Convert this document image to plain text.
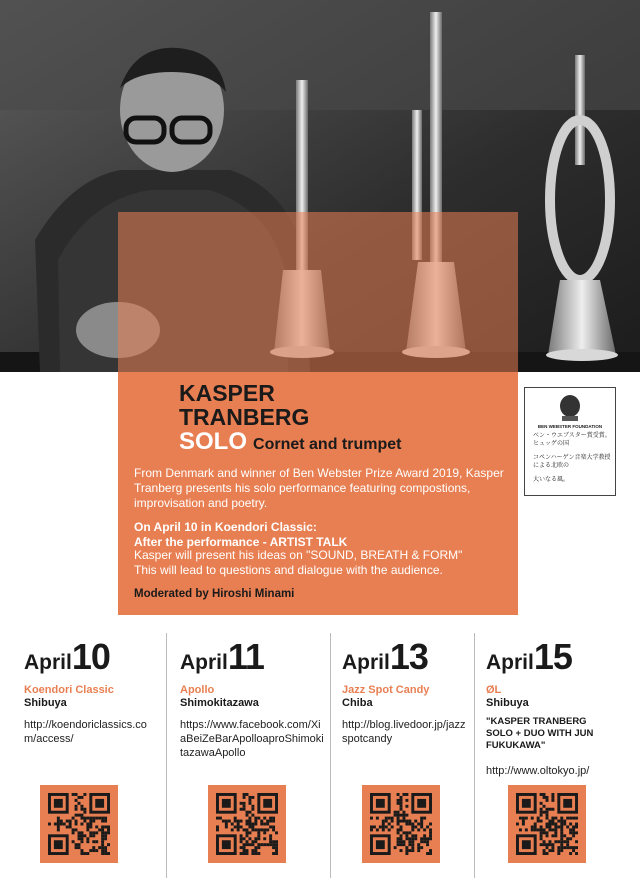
KASPER
TRANBERG
SOLO Cornet and trumpet
From Denmark and winner of Ben Webster Prize Award 2019, Kasper Tranberg presents his solo performance featuring compostions, improvisation and poetry.
On April 10 in Koendori Classic:
After the performance - ARTIST TALK
Kasper will present his ideas on "SOUND, BREATH & FORM"
This will lead to questions and dialogue with the audience.
Moderated by Hiroshi Minami
BEN WEBSTER FOUNDATION
ベン・ウエブスター賞受賞。ヒュッゲの国
コペンハーゲン音楽大学教授による北欧の
大いなる風。
April10
Koendori Classic
Shibuya
http://koendoriclassics.com/access/
April11
Apollo
Shimokitazawa
https://www.facebook.com/XiaBeiZeBarApolloaproShimokitazawaApollo
April13
Jazz Spot Candy
Chiba
http://blog.livedoor.jp/jazzspotcandy
April15
ØL
Shibuya
"KASPER TRANBERG SOLO + DUO WITH JUN FUKUKAWA"
http://www.oltokyo.jp/
